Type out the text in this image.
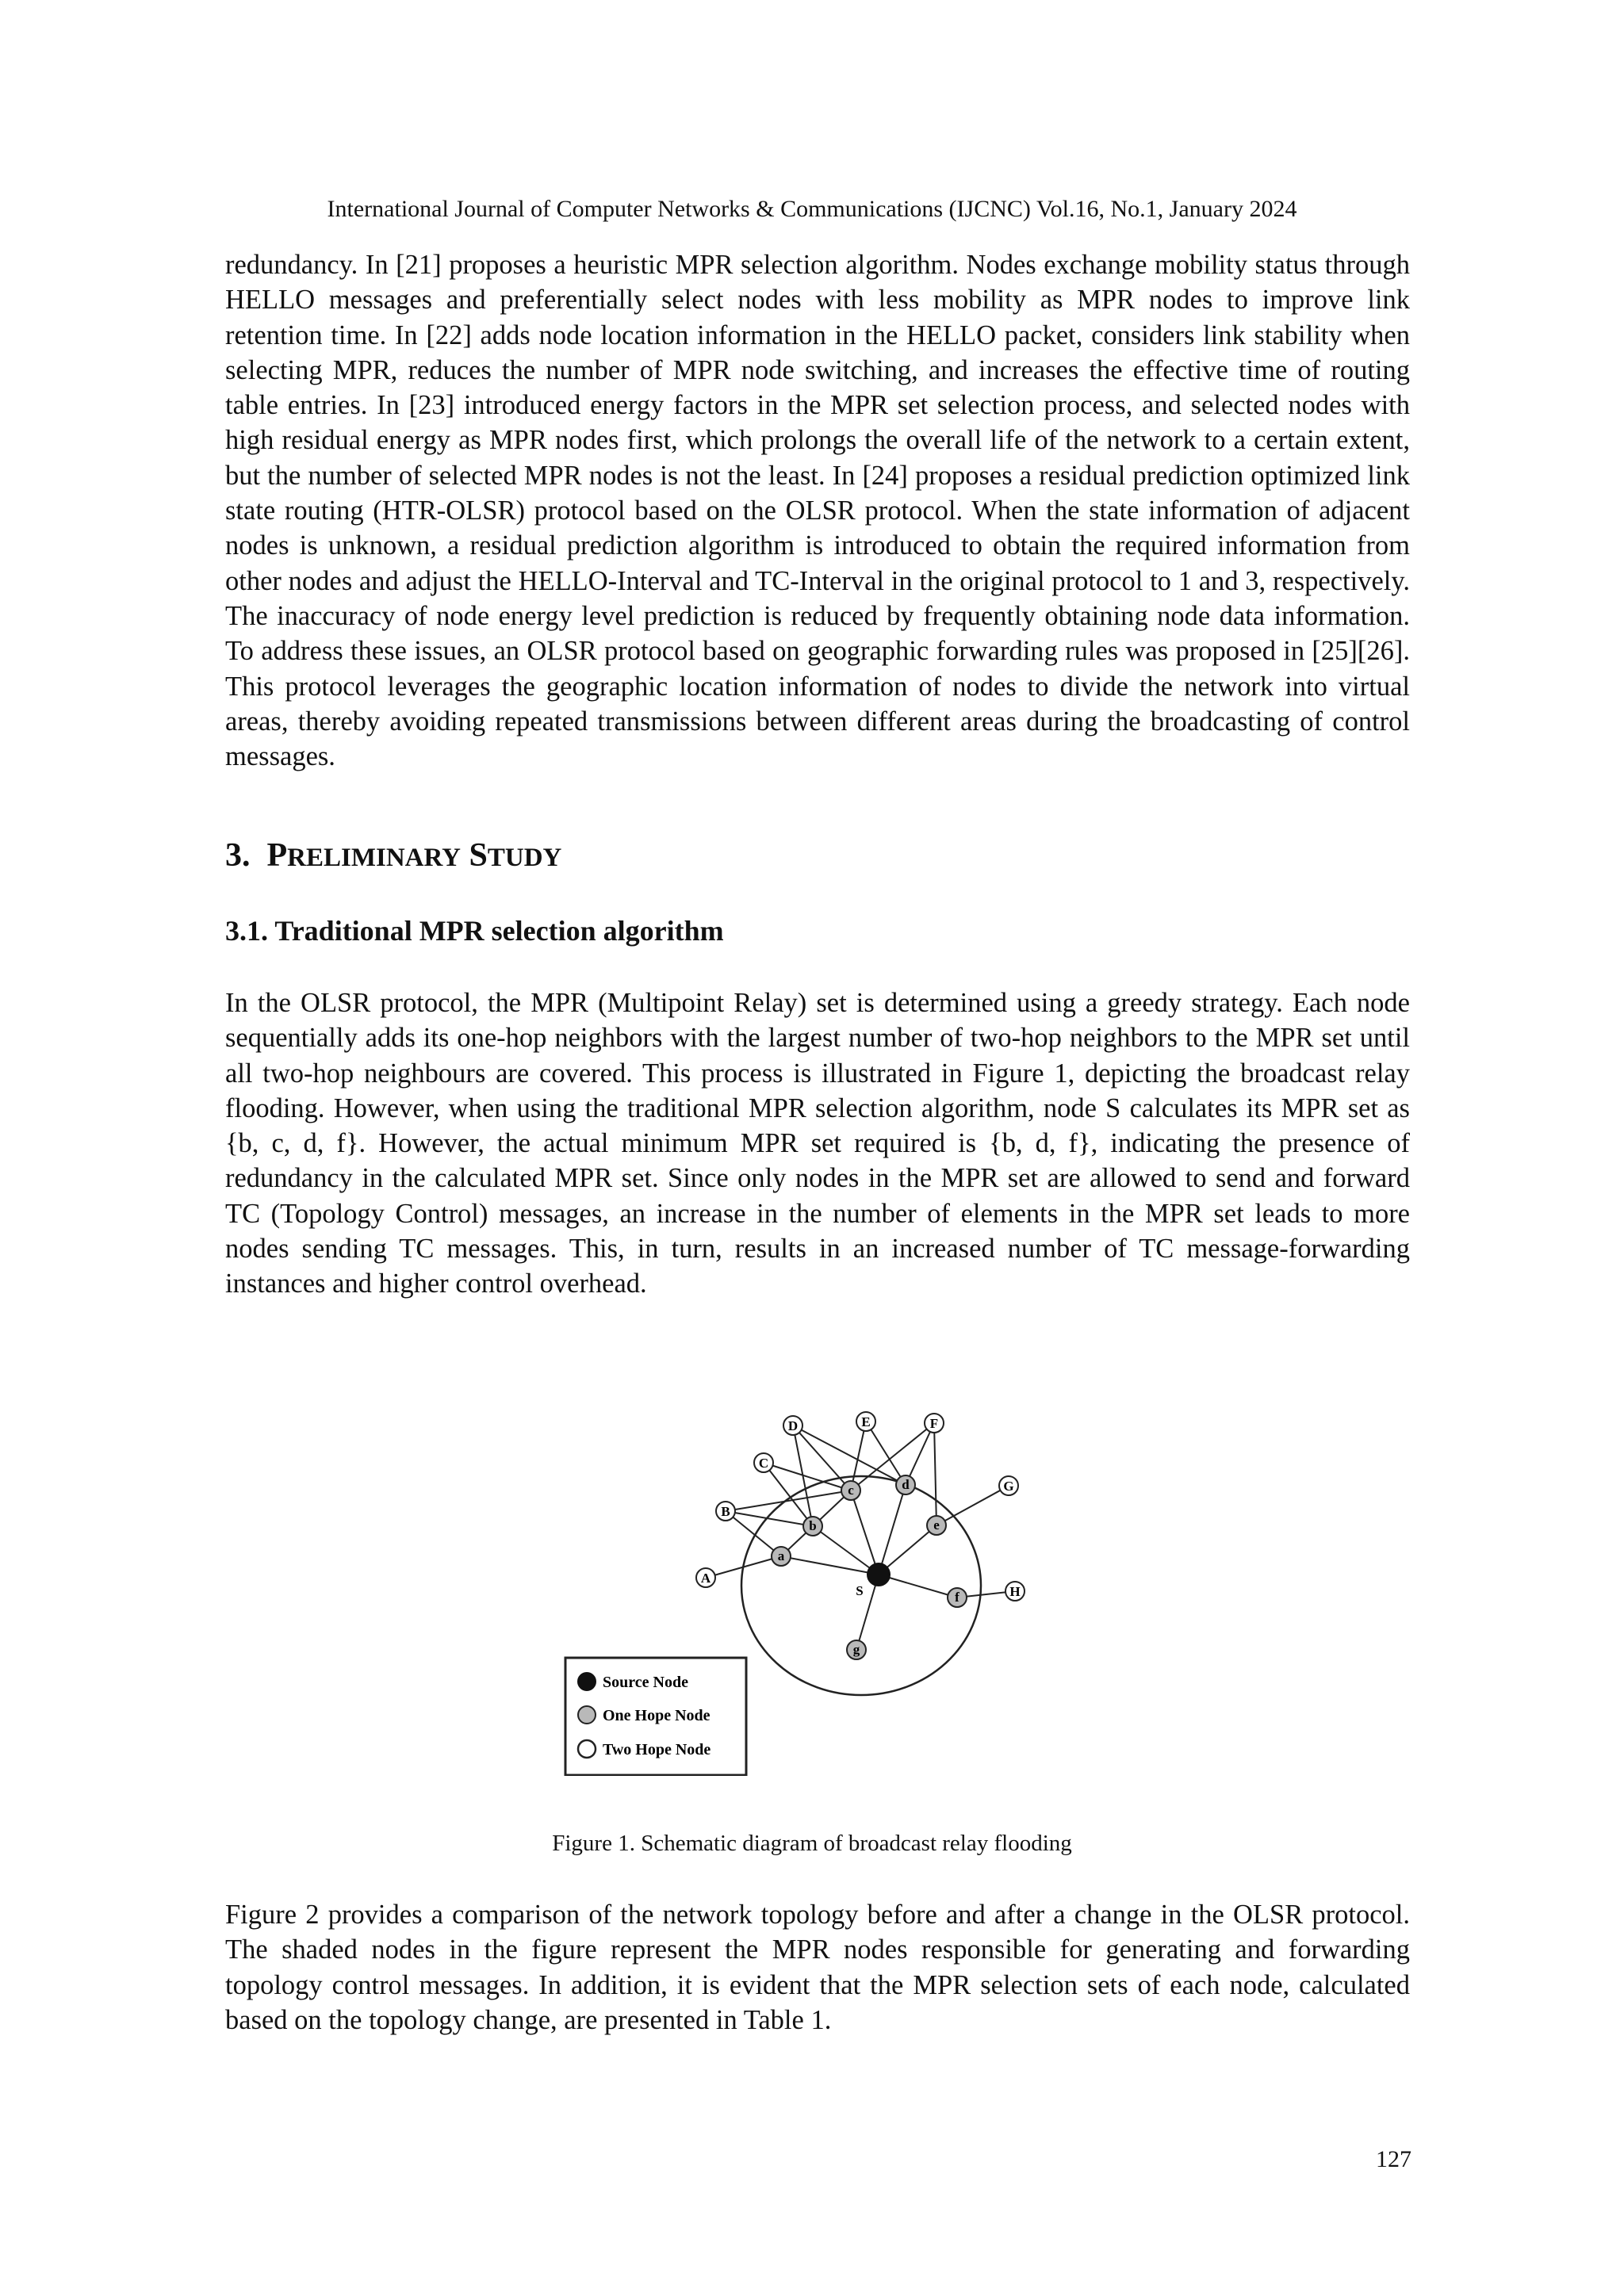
International Journal of Computer Networks & Communications (IJCNC) Vol.16, No.1, January 2024

redundancy. In [21] proposes a heuristic MPR selection algorithm. Nodes exchange mobility status through HELLO messages and preferentially select nodes with less mobility as MPR nodes to improve link retention time. In [22] adds node location information in the HELLO packet, considers link stability when selecting MPR, reduces the number of MPR node switching, and increases the effective time of routing table entries. In [23] introduced energy factors in the MPR set selection process, and selected nodes with high residual energy as MPR nodes first, which prolongs the overall life of the network to a certain extent, but the number of selected MPR nodes is not the least. In [24] proposes a residual prediction optimized link state routing (HTR-OLSR) protocol based on the OLSR protocol. When the state information of adjacent nodes is unknown, a residual prediction algorithm is introduced to obtain the required information from other nodes and adjust the HELLO-Interval and TC-Interval in the original protocol to 1 and 3, respectively. The inaccuracy of node energy level prediction is reduced by frequently obtaining node data information. To address these issues, an OLSR protocol based on geographic forwarding rules was proposed in [25][26]. This protocol leverages the geographic location information of nodes to divide the network into virtual areas, thereby avoiding repeated transmissions between different areas during the broadcasting of control messages.

3. PRELIMINARY STUDY
3.1. Traditional MPR selection algorithm

In the OLSR protocol, the MPR (Multipoint Relay) set is determined using a greedy strategy. Each node sequentially adds its one-hop neighbors with the largest number of two-hop neighbors to the MPR set until all two-hop neighbours are covered. This process is illustrated in Figure 1, depicting the broadcast relay flooding. However, when using the traditional MPR selection algorithm, node S calculates its MPR set as {b, c, d, f}. However, the actual minimum MPR set required is {b, d, f}, indicating the presence of redundancy in the calculated MPR set. Since only nodes in the MPR set are allowed to send and forward TC (Topology Control) messages, an increase in the number of elements in the MPR set leads to more nodes sending TC messages. This, in turn, results in an increased number of TC message-forwarding instances and higher control overhead.

A
B
C
D	E	F
G
H
a
b
c	d
e
f
g
S
Source Node
One Hope Node
Two Hope Node
Figure 1. Schematic diagram of broadcast relay flooding

Figure 2 provides a comparison of the network topology before and after a change in the OLSR protocol. The shaded nodes in the figure represent the MPR nodes responsible for generating and forwarding topology control messages. In addition, it is evident that the MPR selection sets of each node, calculated based on the topology change, are presented in Table 1.

127
